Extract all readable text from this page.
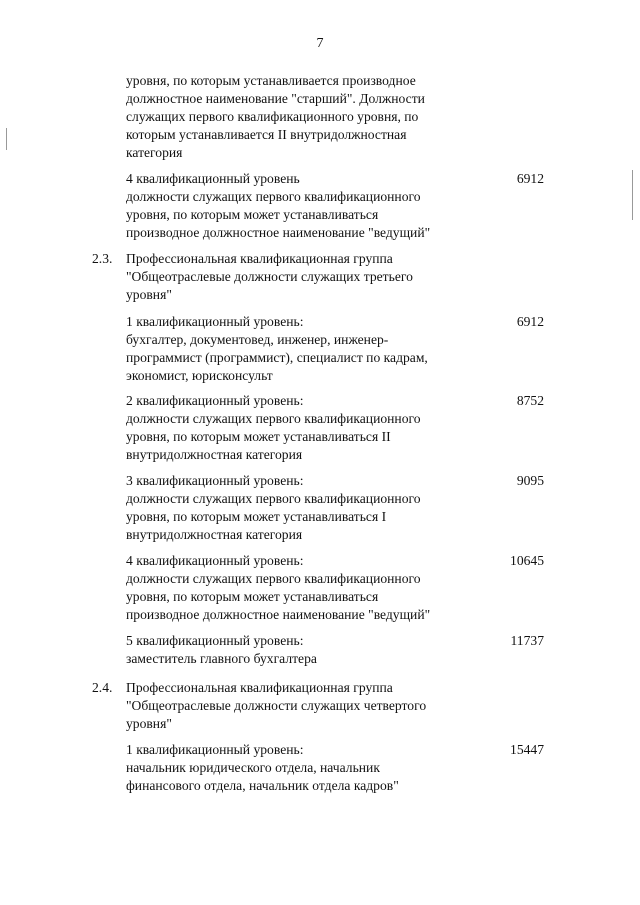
7
уровня, по которым устанавливается производное
должностное наименование "старший". Должности
служащих первого квалификационного уровня, по
которым устанавливается II внутридолжностная
категория
4 квалификационный уровень
должности служащих первого квалификационного
уровня, по которым может устанавливаться
производное должностное наименование "ведущий"
6912
2.3. Профессиональная квалификационная группа
"Общеотраслевые должности служащих третьего
уровня"
1 квалификационный уровень:
бухгалтер, документовед, инженер, инженер-
программист (программист), специалист по кадрам,
экономист, юрисконсульт
6912
2 квалификационный уровень:
должности служащих первого квалификационного
уровня, по которым может устанавливаться II
внутридолжностная категория
8752
3 квалификационный уровень:
должности служащих первого квалификационного
уровня, по которым может устанавливаться I
внутридолжностная категория
9095
4 квалификационный уровень:
должности служащих первого квалификационного
уровня, по которым может устанавливаться
производное должностное наименование "ведущий"
10645
5 квалификационный уровень:
заместитель главного бухгалтера
11737
2.4. Профессиональная квалификационная группа
"Общеотраслевые должности служащих четвертого
уровня"
1 квалификационный уровень:
начальник юридического отдела, начальник
финансового отдела, начальник отдела кадров"
15447
